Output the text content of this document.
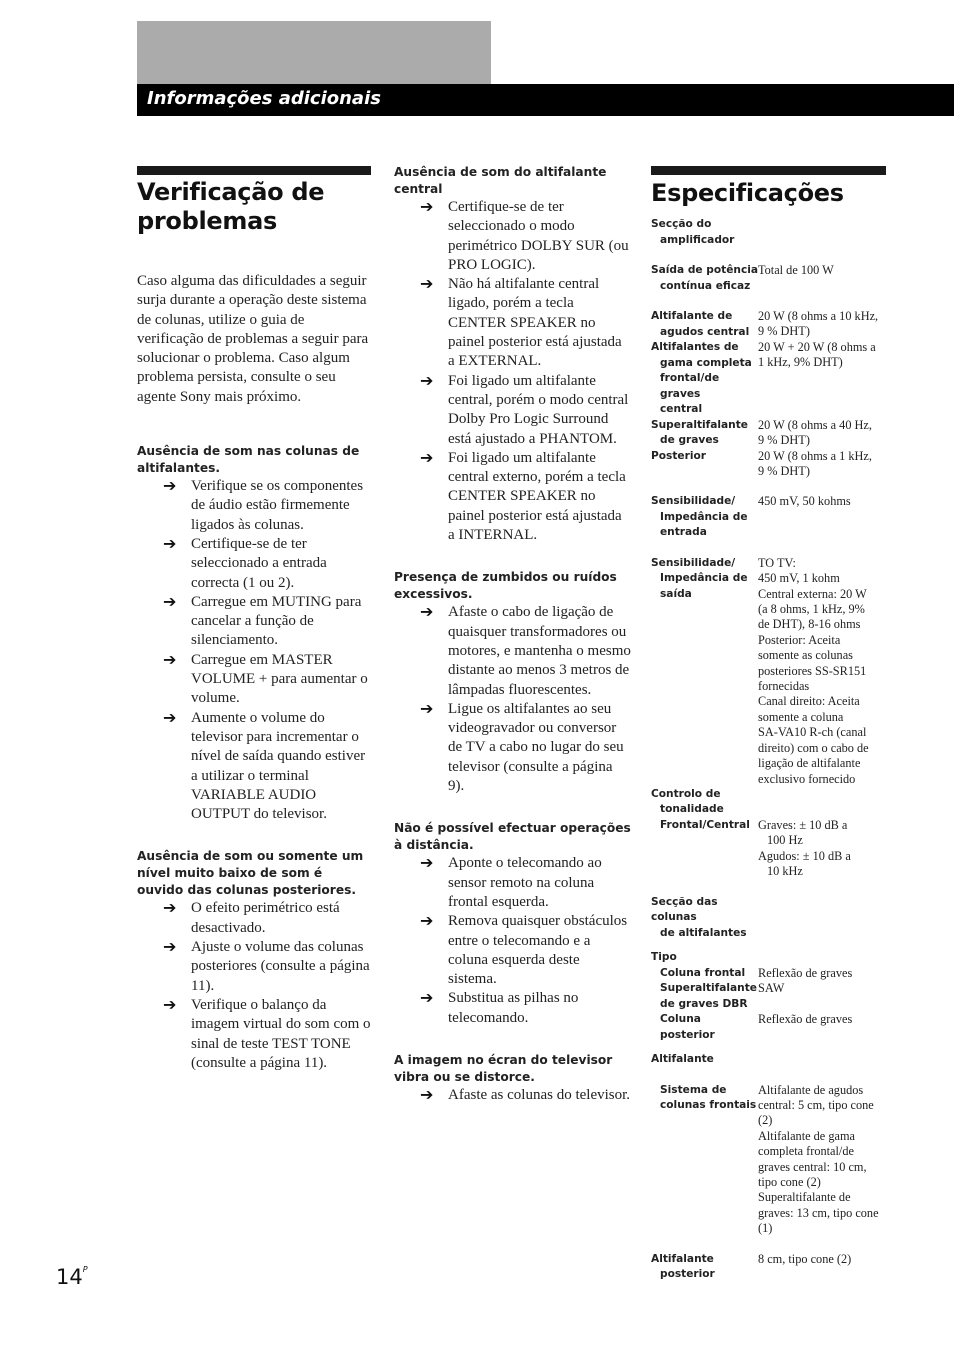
Informações adicionais
Verificação de
problemas

Caso alguma das dificuldades a seguir surja durante a operação deste sistema de colunas, utilize o guia de verificação de problemas a seguir para solucionar o problema. Caso algum problema persista, consulte o seu agente Sony mais próximo.

Ausência de som nas colunas de altifalantes.
➔ Verifique se os componentes de áudio estão firmemente ligados às colunas.
➔ Certifique-se de ter seleccionado a entrada correcta (1 ou 2).
➔ Carregue em MUTING para cancelar a função de silenciamento.
➔ Carregue em MASTER VOLUME + para aumentar o volume.
➔ Aumente o volume do televisor para incrementar o nível de saída quando estiver a utilizar o terminal VARIABLE AUDIO OUTPUT do televisor.
Ausência de som ou somente um nível muito baixo de som é ouvido das colunas posteriores.
➔ O efeito perimétrico está desactivado.
➔ Ajuste o volume das colunas posteriores (consulte a página 11).
➔ Verifique o balanço da imagem virtual do som com o sinal de teste TEST TONE (consulte a página 11).
Ausência de som do altifalante central
➔ Certifique-se de ter seleccionado o modo perimétrico DOLBY SUR (ou PRO LOGIC).
➔ Não há altifalante central ligado, porém a tecla CENTER SPEAKER no painel posterior está ajustada a EXTERNAL.
➔ Foi ligado um altifalante central, porém o modo central Dolby Pro Logic Surround está ajustado a PHANTOM.
➔ Foi ligado um altifalante central externo, porém a tecla CENTER SPEAKER no painel posterior está ajustada a INTERNAL.
Presença de zumbidos ou ruídos excessivos.
➔ Afaste o cabo de ligação de quaisquer transformadores ou motores, e mantenha o mesmo distante ao menos 3 metros de lâmpadas fluorescentes.
➔ Ligue os altifalantes ao seu videogravador ou conversor de TV a cabo no lugar do seu televisor (consulte a página 9).
Não é possível efectuar operações à distância.
➔ Aponte o telecomando ao sensor remoto na coluna frontal esquerda.
➔ Remova quaisquer obstáculos entre o telecomando e a coluna esquerda deste sistema.
➔ Substitua as pilhas no telecomando.
A imagem no écran do televisor vibra ou se distorce.
➔ Afaste as colunas do televisor.
Especificações
Secção do
amplificador
Saída de potência
contínua eficaz
Total de 100 W
Altifalante de
agudos central
20 W (8 ohms a 10 kHz,
9 % DHT)
Altifalantes de
gama completa
frontal/de graves
central
20 W + 20 W (8 ohms a
1 kHz, 9% DHT)
Superaltifalante
de graves
20 W (8 ohms a 40 Hz,
9 % DHT)
Posterior	20 W (8 ohms a 1 kHz,
9 % DHT)
Sensibilidade/
Impedância de
entrada
450 mV, 50 kohms
Sensibilidade/
Impedância de
saída
TO TV:
450 mV, 1 kohm
Central externa: 20 W
(a 8 ohms, 1 kHz, 9%
de DHT), 8-16 ohms
Posterior: Aceita
somente as colunas
posteriores SS-SR151
fornecidas
Canal direito: Aceita
somente a coluna
SA-VA10 R-ch (canal
direito) com o cabo de
ligação de altifalante
exclusivo fornecido
Controlo de
tonalidade
Frontal/Central Graves: ± 10 dB a
100 Hz
Agudos: ± 10 dB a
10 kHz
Secção das colunas
de altifalantes
Tipo
Coluna frontal	Reflexão de graves
Superaltifalante
de graves DBR
SAW
Coluna posterior
Reflexão de graves
Altifalante
Sistema de
colunas frontais
Altifalante de agudos
central: 5 cm, tipo cone
(2)
Altifalante de gama
completa frontal/de
graves central: 10 cm,
tipo cone (2)
Superaltifalante de
graves: 13 cm, tipo cone
(1)
Altifalante
posterior
8 cm, tipo cone (2)
$14^P$
